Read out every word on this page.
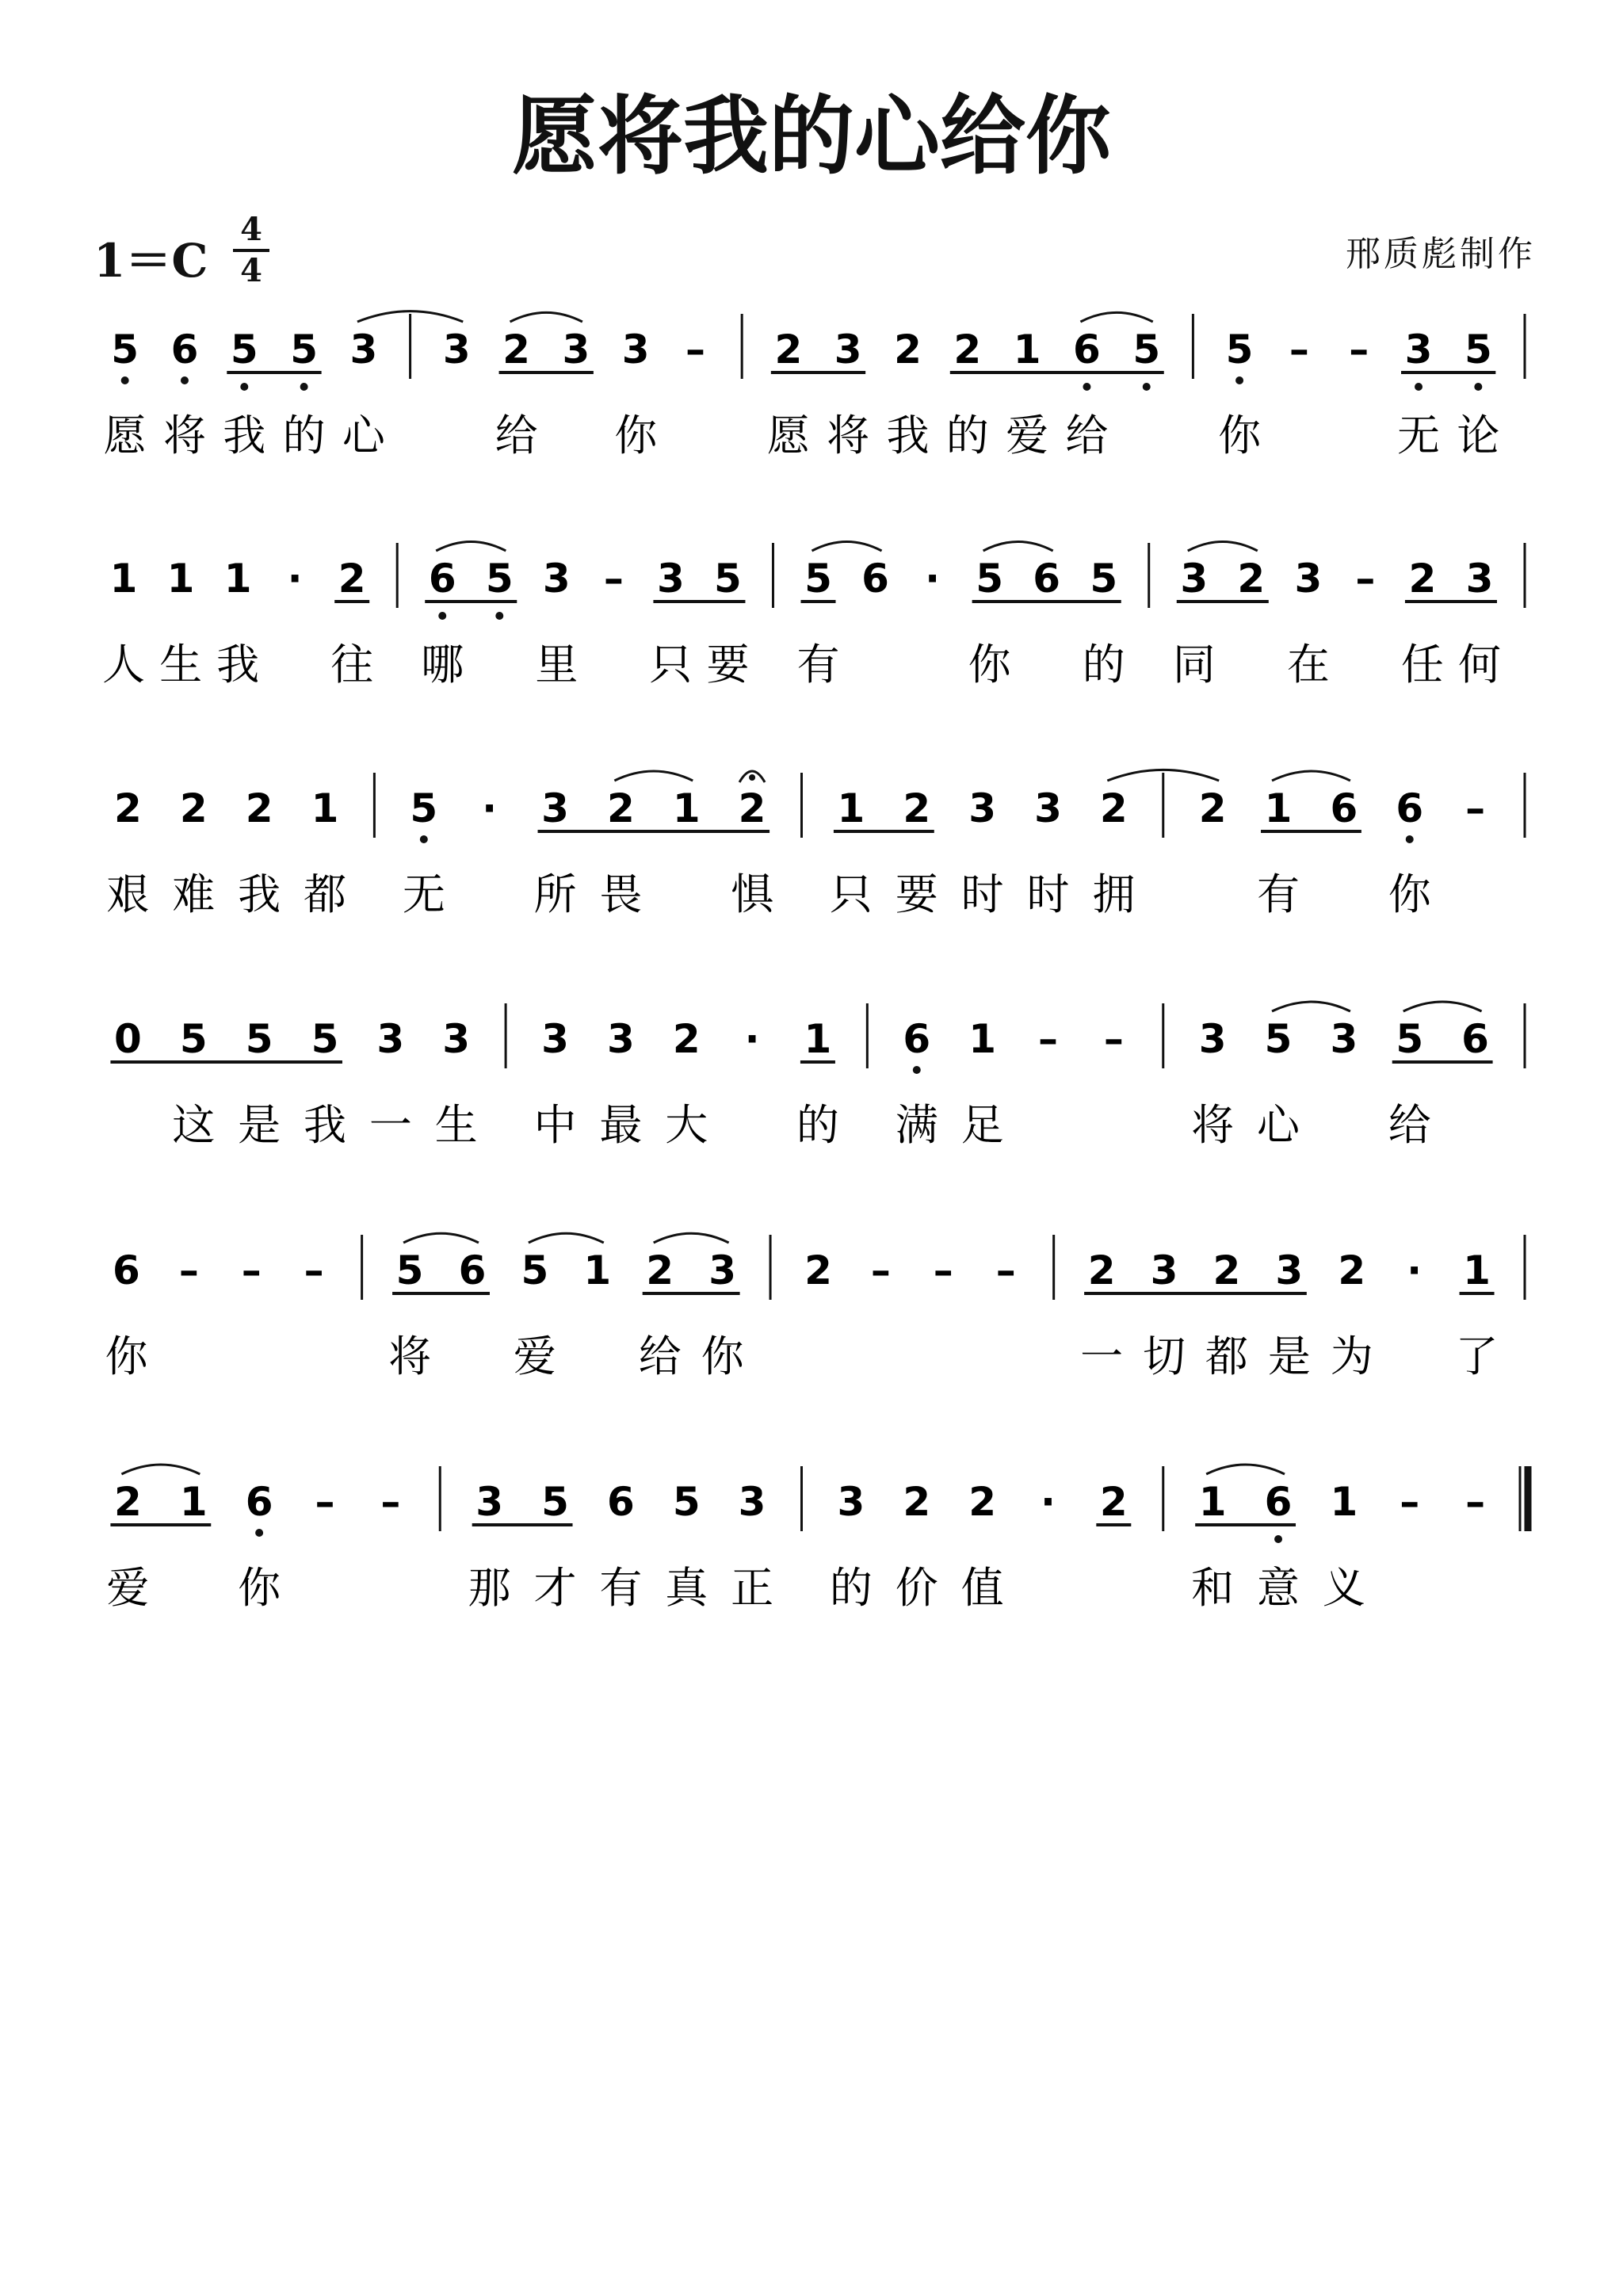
愿将我的心给你
1＝C
4
4	邢质彪制作
5 6 5 5 3 3 2 3 3 – 2 3 2 2 1 6 5 5 – – 3 5
愿 将 我 的 心	给 你	愿 将 我 的 爱 给	你	无 论
1 1 1 · 2 6 5 3 – 3 5 5 6 · 5 6 5 3 2 3 – 2 3
人 生 我 往 哪 里 只 要 有	你 的 同 在 任 何
2 2 2 1 5 · 3 2 1 2 1 2 3 3 2 2 1 6 6 –
艰 难 我 都 无 所 畏 惧 只 要 时 时 拥	有 你
0 5 5 5 3 3 3 3 2 · 1 6 1 – – 3 5 3 5 6
这 是 我 一 生 中 最 大 的 满 足	将 心 给
6 – – – 5 6 5 1 2 3 2 – – – 2 3 2 3 2 · 1
你	将 爱 给 你	一 切 都 是 为 了
2 1 6 – – 3 5 6 5 3 3 2 2 · 2 1 6 1 – –
爱 你	那 才 有 真 正 的 价 值	和 意 义
